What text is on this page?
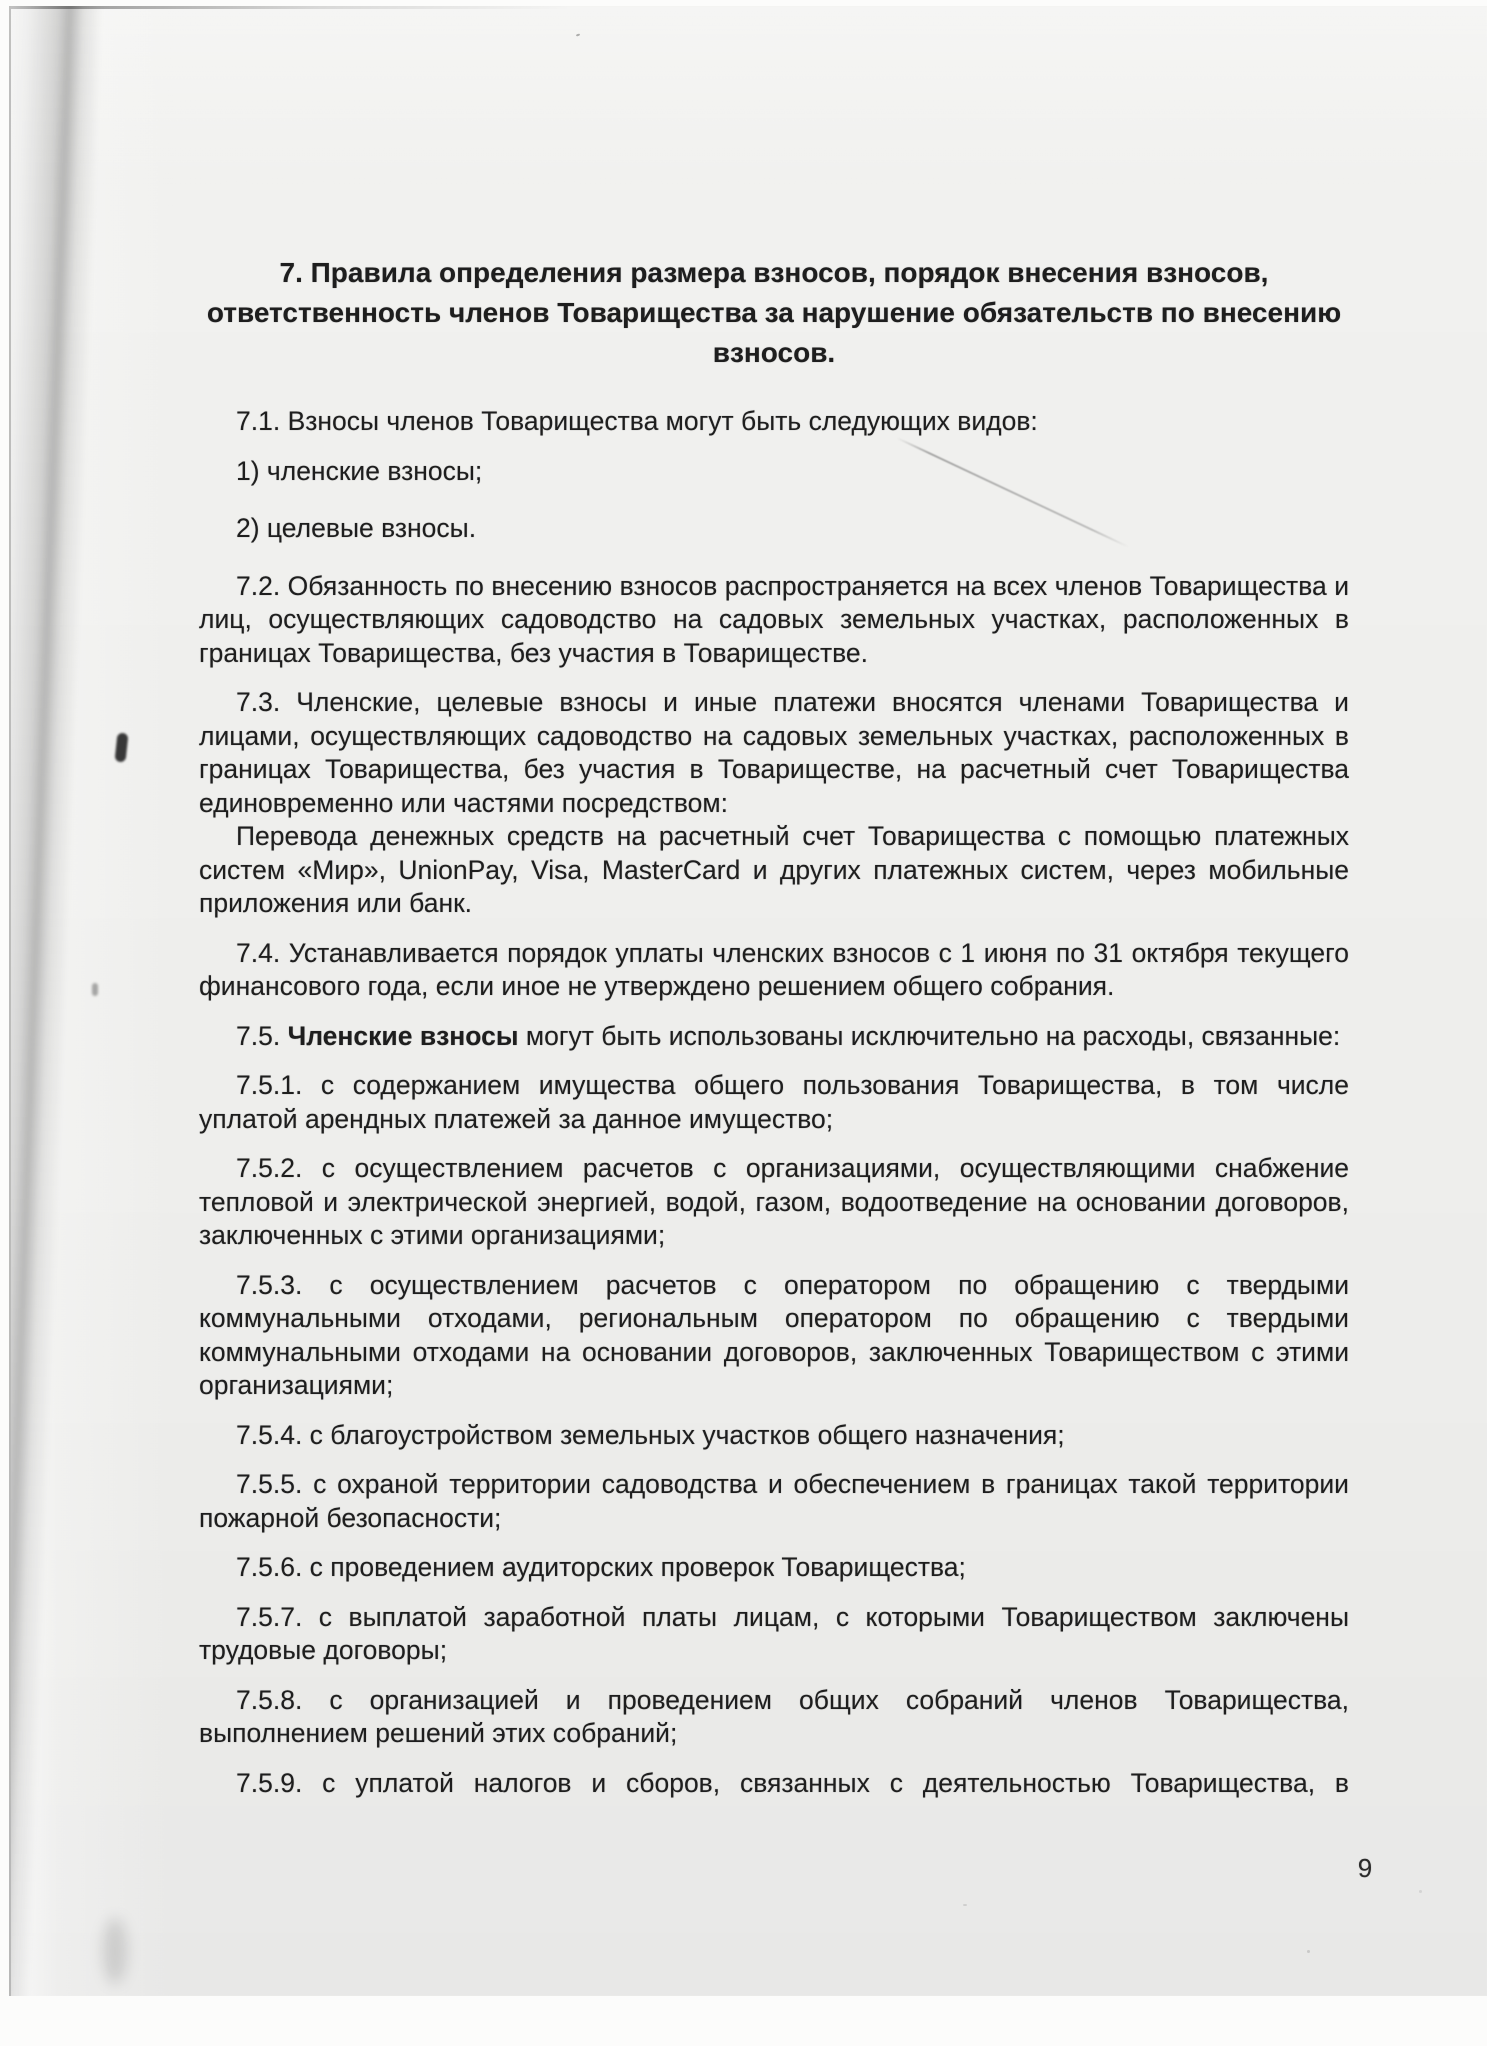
7. Правила определения размера взносов, порядок внесения взносов, ответственность членов Товарищества за нарушение обязательств по внесению взносов.

7.1. Взносы членов Товарищества могут быть следующих видов:

1) членские взносы;

2) целевые взносы.

7.2. Обязанность по внесению взносов распространяется на всех членов Товарищества и лиц, осуществляющих садоводство на садовых земельных участках, расположенных в границах Товарищества, без участия в Товариществе.

7.3. Членские, целевые взносы и иные платежи вносятся членами Товарищества и лицами, осуществляющих садоводство на садовых земельных участках, расположенных в границах Товарищества, без участия в Товариществе, на расчетный счет Товарищества единовременно или частями посредством:

Перевода денежных средств на расчетный счет Товарищества с помощью платежных систем «Мир», UnionPay, Visa, MasterCard и других платежных систем, через мобильные приложения или банк.

7.4. Устанавливается порядок уплаты членских взносов с 1 июня по 31 октября текущего финансового года, если иное не утверждено решением общего собрания.

7.5. Членские взносы могут быть использованы исключительно на расходы, связанные:

7.5.1. с содержанием имущества общего пользования Товарищества, в том числе уплатой арендных платежей за данное имущество;

7.5.2. с осуществлением расчетов с организациями, осуществляющими снабжение тепловой и электрической энергией, водой, газом, водоотведение на основании договоров, заключенных с этими организациями;

7.5.3. с осуществлением расчетов с оператором по обращению с твердыми коммунальными отходами, региональным оператором по обращению с твердыми коммунальными отходами на основании договоров, заключенных Товариществом с этими организациями;

7.5.4. с благоустройством земельных участков общего назначения;

7.5.5. с охраной территории садоводства и обеспечением в границах такой территории пожарной безопасности;

7.5.6. с проведением аудиторских проверок Товарищества;

7.5.7. с выплатой заработной платы лицам, с которыми Товариществом заключены трудовые договоры;

7.5.8. с организацией и проведением общих собраний членов Товарищества, выполнением решений этих собраний;

7.5.9. с уплатой налогов и сборов, связанных с деятельностью Товарищества, в

9
